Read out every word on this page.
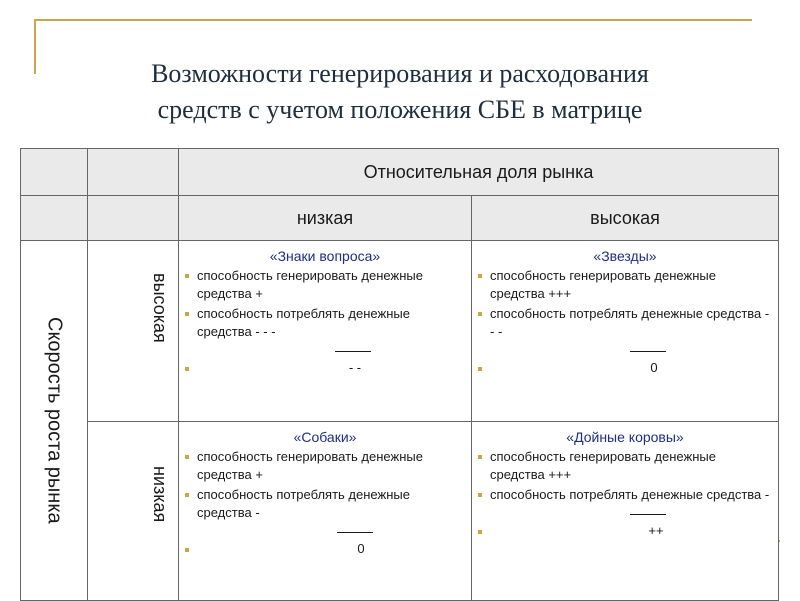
Возможности генерирования и расходования
средств с учетом положения СБЕ в матрице
Относительная доля рынка
низкая	высокая
Скорость роста рынка
высокая
низкая
«Знаки вопроса»
способность генерировать денежные средства +
способность потреблять денежные средства - - -
- -
«Звезды»
способность генерировать денежные средства +++
способность потреблять денежные средства - - -
0
«Собаки»
способность генерировать денежные средства +
способность потреблять денежные средства -
0
«Дойные коровы»
способность генерировать денежные средства +++
способность потреблять денежные средства -
++
